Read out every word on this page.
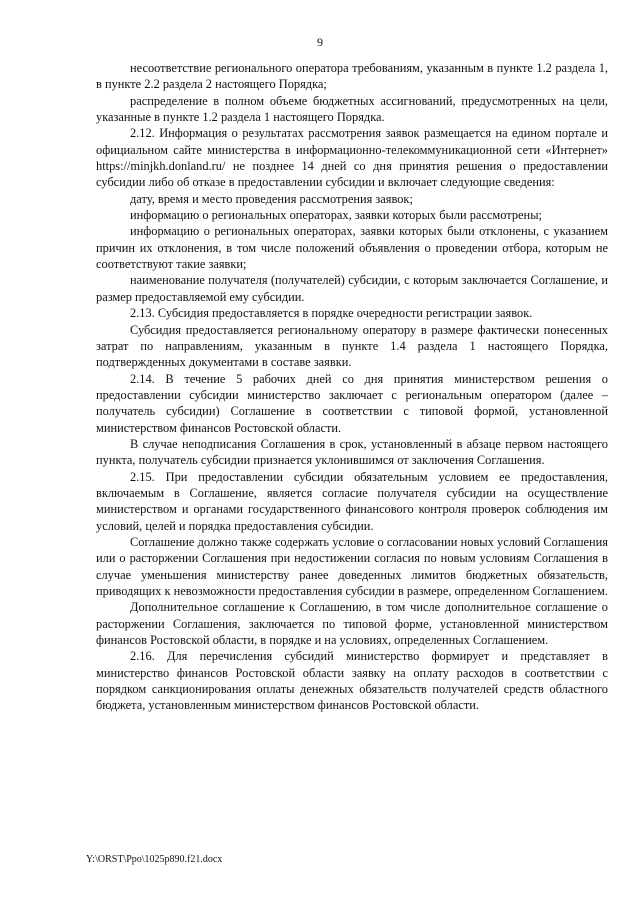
9

несоответствие регионального оператора требованиям, указанным в пункте 1.2 раздела 1, в пункте 2.2 раздела 2 настоящего Порядка;

распределение в полном объеме бюджетных ассигнований, предусмотренных на цели, указанные в пункте 1.2 раздела 1 настоящего Порядка.

2.12. Информация о результатах рассмотрения заявок размещается на едином портале и официальном сайте министерства в информационно-телекоммуникационной сети «Интернет» https://minjkh.donland.ru/ не позднее 14 дней со дня принятия решения о предоставлении субсидии либо об отказе в предоставлении субсидии и включает следующие сведения:

дату, время и место проведения рассмотрения заявок;

информацию о региональных операторах, заявки которых были рассмотрены;

информацию о региональных операторах, заявки которых были отклонены, с указанием причин их отклонения, в том числе положений объявления о проведении отбора, которым не соответствуют такие заявки;

наименование получателя (получателей) субсидии, с которым заключается Соглашение, и размер предоставляемой ему субсидии.

2.13. Субсидия предоставляется в порядке очередности регистрации заявок.

Субсидия предоставляется региональному оператору в размере фактически понесенных затрат по направлениям, указанным в пункте 1.4 раздела 1 настоящего Порядка, подтвержденных документами в составе заявки.

2.14. В течение 5 рабочих дней со дня принятия министерством решения о предоставлении субсидии министерство заключает с региональным оператором (далее – получатель субсидии) Соглашение в соответствии с типовой формой, установленной министерством финансов Ростовской области.

В случае неподписания Соглашения в срок, установленный в абзаце первом настоящего пункта, получатель субсидии признается уклонившимся от заключения Соглашения.

2.15. При предоставлении субсидии обязательным условием ее предоставления, включаемым в Соглашение, является согласие получателя субсидии на осуществление министерством и органами государственного финансового контроля проверок соблюдения им условий, целей и порядка предоставления субсидии.

Соглашение должно также содержать условие о согласовании новых условий Соглашения или о расторжении Соглашения при недостижении согласия по новым условиям Соглашения в случае уменьшения министерству ранее доведенных лимитов бюджетных обязательств, приводящих к невозможности предоставления субсидии в размере, определенном Соглашением.

Дополнительное соглашение к Соглашению, в том числе дополнительное соглашение о расторжении Соглашения, заключается по типовой форме, установленной министерством финансов Ростовской области, в порядке и на условиях, определенных Соглашением.

2.16. Для перечисления субсидий министерство формирует и представляет в министерство финансов Ростовской области заявку на оплату расходов в соответствии с порядком санкционирования оплаты денежных обязательств получателей средств областного бюджета, установленным министерством финансов Ростовской области.

Y:\ORST\Ppo\1025p890.f21.docx
